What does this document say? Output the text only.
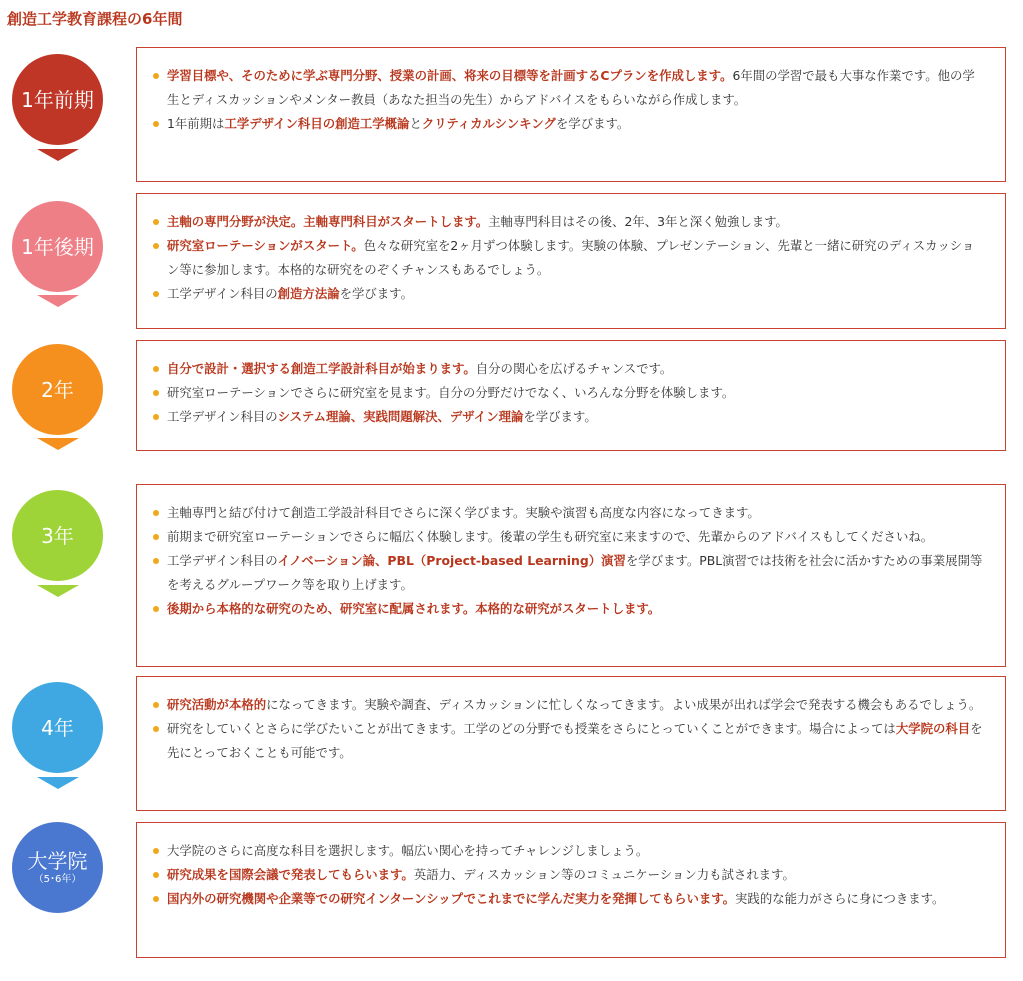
創造工学教育課程の6年間
1年前期
学習目標や、そのために学ぶ専門分野、授業の計画、将来の目標等を計画するCプランを作成します。6年間の学習で最も大事な作業です。他の学生とディスカッションやメンター教員（あなた担当の先生）からアドバイスをもらいながら作成します。
1年前期は工学デザイン科目の創造工学概論とクリティカルシンキングを学びます。
1年後期
主軸の専門分野が決定。主軸専門科目がスタートします。主軸専門科目はその後、2年、3年と深く勉強します。
研究室ローテーションがスタート。色々な研究室を2ヶ月ずつ体験します。実験の体験、プレゼンテーション、先輩と一緒に研究のディスカッション等に参加します。本格的な研究をのぞくチャンスもあるでしょう。
工学デザイン科目の創造方法論を学びます。
2年
自分で設計・選択する創造工学設計科目が始まります。自分の関心を広げるチャンスです。
研究室ローテーションでさらに研究室を見ます。自分の分野だけでなく、いろんな分野を体験します。
工学デザイン科目のシステム理論、実践問題解決、デザイン理論を学びます。
3年
主軸専門と結び付けて創造工学設計科目でさらに深く学びます。実験や演習も高度な内容になってきます。
前期まで研究室ローテーションでさらに幅広く体験します。後輩の学生も研究室に来ますので、先輩からのアドバイスもしてくださいね。
工学デザイン科目のイノベーション論、PBL（Project-based Learning）演習を学びます。PBL演習では技術を社会に活かすための事業展開等を考えるグループワーク等を取り上げます。
後期から本格的な研究のため、研究室に配属されます。本格的な研究がスタートします。
4年
研究活動が本格的になってきます。実験や調査、ディスカッションに忙しくなってきます。よい成果が出れば学会で発表する機会もあるでしょう。
研究をしていくとさらに学びたいことが出てきます。工学のどの分野でも授業をさらにとっていくことができます。場合によっては大学院の科目を先にとっておくことも可能です。
大学院
（5･6年）
大学院のさらに高度な科目を選択します。幅広い関心を持ってチャレンジしましょう。
研究成果を国際会議で発表してもらいます。英語力、ディスカッション等のコミュニケーション力も試されます。
国内外の研究機関や企業等での研究インターンシップでこれまでに学んだ実力を発揮してもらいます。実践的な能力がさらに身につきます。
